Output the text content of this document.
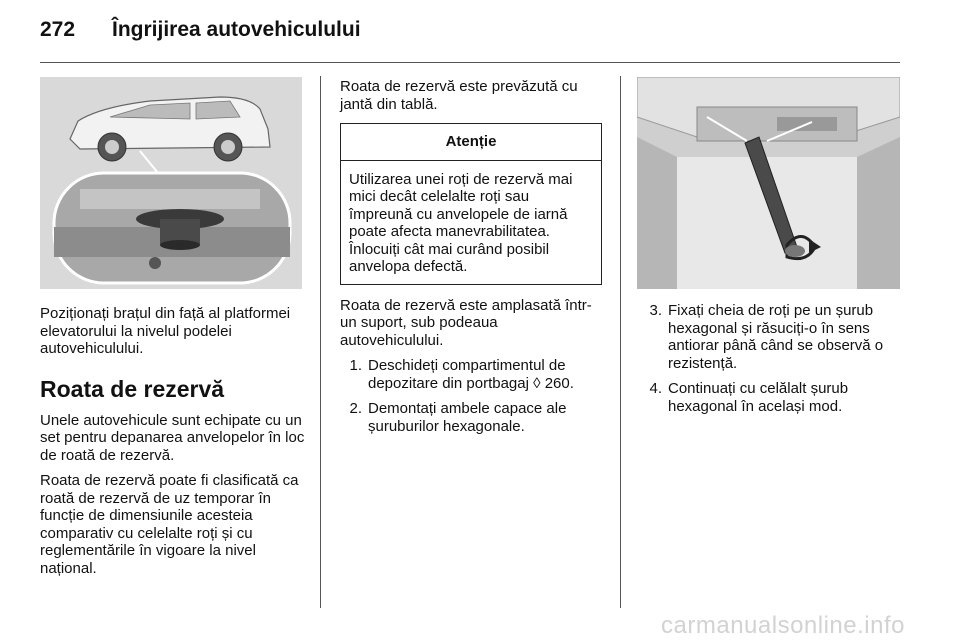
272 Îngrijirea autovehiculului

Poziționați brațul din față al platformei elevatorului la nivelul podelei autovehiculului.

Roata de rezervă

Unele autovehicule sunt echipate cu un set pentru depanarea anvelopelor în loc de roată de rezervă.

Roata de rezervă poate fi clasificată ca roată de rezervă de uz temporar în funcție de dimensiunile acesteia comparativ cu celelalte roți și cu reglementările în vigoare la nivel național.

Roata de rezervă este prevăzută cu jantă din tablă.

Atenție
Utilizarea unei roți de rezervă mai mici decât celelalte roți sau împreună cu anvelopele de iarnă poate afecta manevrabilitatea. Înlocuiți cât mai curând posibil anvelopa defectă.

Roata de rezervă este amplasată într-un suport, sub podeaua autovehiculului.

1. Deschideți compartimentul de depozitare din portbagaj ◊ 260.
2. Demontați ambele capace ale șuruburilor hexagonale.
3. Fixați cheia de roți pe un șurub hexagonal și răsuciți-o în sens antiorar până când se observă o rezistență.
4. Continuați cu celălalt șurub hexagonal în același mod.
carmanualsonline.info
